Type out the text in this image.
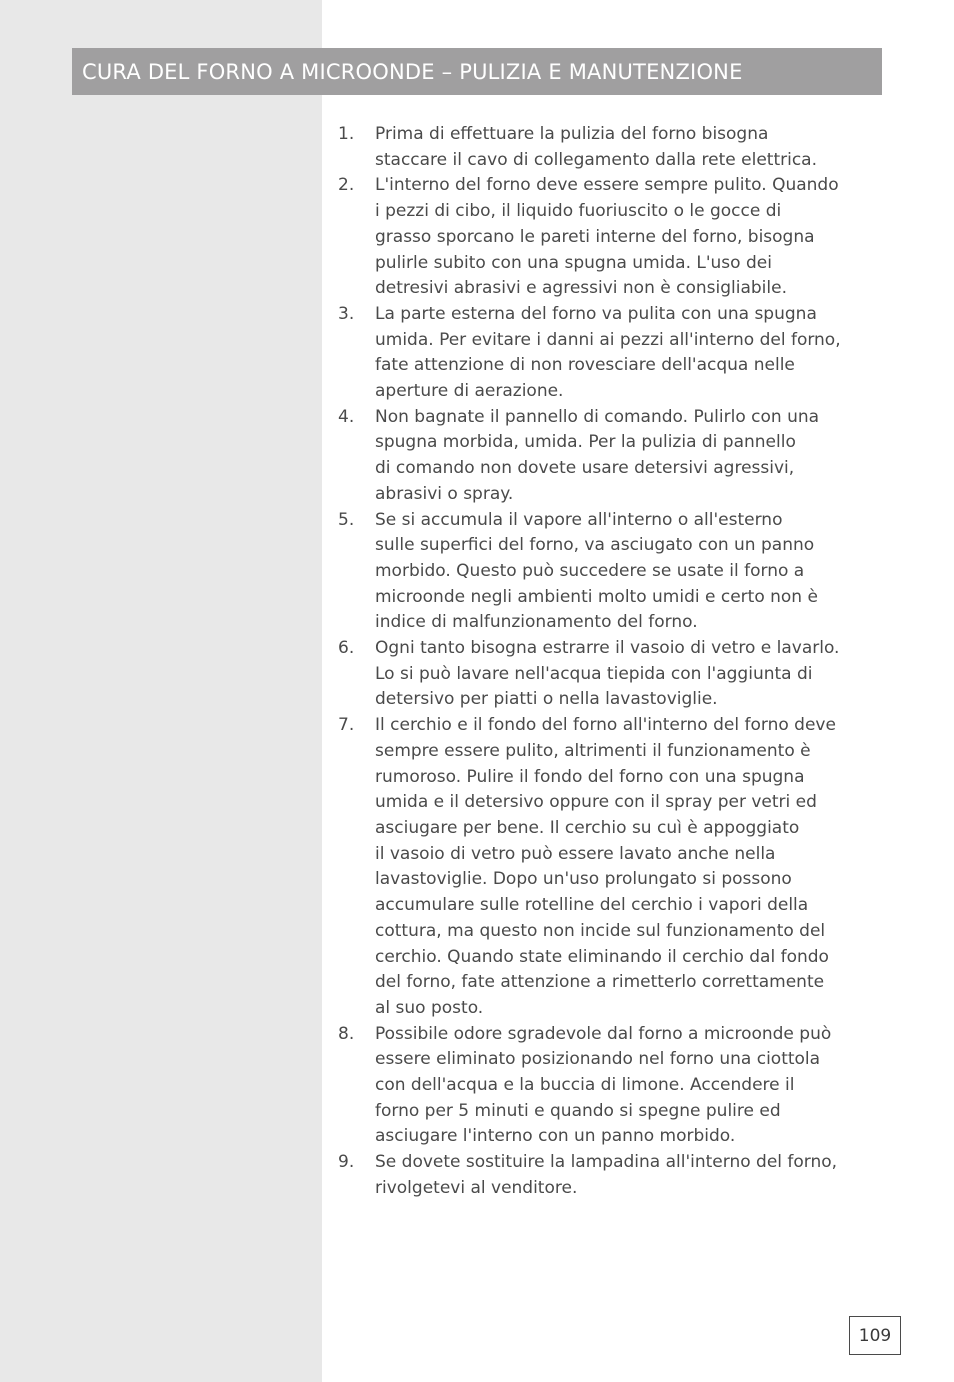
CURA DEL FORNO A MICROONDE – PULIZIA E MANUTENZIONE
1.	Prima di effettuare la pulizia del forno bisogna
staccare il cavo di collegamento dalla rete elettrica.
2.	L'interno del forno deve essere sempre pulito. Quando
i pezzi di cibo, il liquido fuoriuscito o le gocce di
grasso sporcano le pareti interne del forno, bisogna
pulirle subito con una spugna umida. L'uso dei
detresivi abrasivi e agressivi non è consigliabile.
3.	La parte esterna del forno va pulita con una spugna
umida. Per evitare i danni ai pezzi all'interno del forno,
fate attenzione di non rovesciare dell'acqua nelle
aperture di aerazione.
4.	Non bagnate il pannello di comando. Pulirlo con una
spugna morbida, umida. Per la pulizia di pannello
di comando non dovete usare detersivi agressivi,
abrasivi o spray.
5.	Se si accumula il vapore all'interno o all'esterno
sulle superfici del forno, va asciugato con un panno
morbido. Questo può succedere se usate il forno a
microonde negli ambienti molto umidi e certo non è
indice di malfunzionamento del forno.
6.	Ogni tanto bisogna estrarre il vasoio di vetro e lavarlo.
Lo si può lavare nell'acqua tiepida con l'aggiunta di
detersivo per piatti o nella lavastoviglie.
7.	Il cerchio e il fondo del forno all'interno del forno deve
sempre essere pulito, altrimenti il funzionamento è
rumoroso. Pulire il fondo del forno con una spugna
umida e il detersivo oppure con il spray per vetri ed
asciugare per bene. Il cerchio su cuì è appoggiato
il vasoio di vetro può essere lavato anche nella
lavastoviglie. Dopo un'uso prolungato si possono
accumulare sulle rotelline del cerchio i vapori della
cottura, ma questo non incide sul funzionamento del
cerchio. Quando state eliminando il cerchio dal fondo
del forno, fate attenzione a rimetterlo correttamente
al suo posto.
8.	Possibile odore sgradevole dal forno a microonde può
essere eliminato posizionando nel forno una ciottola
con dell'acqua e la buccia di limone. Accendere il
forno per 5 minuti e quando si spegne pulire ed
asciugare l'interno con un panno morbido.
9.	Se dovete sostituire la lampadina all'interno del forno,
rivolgetevi al venditore.
109
